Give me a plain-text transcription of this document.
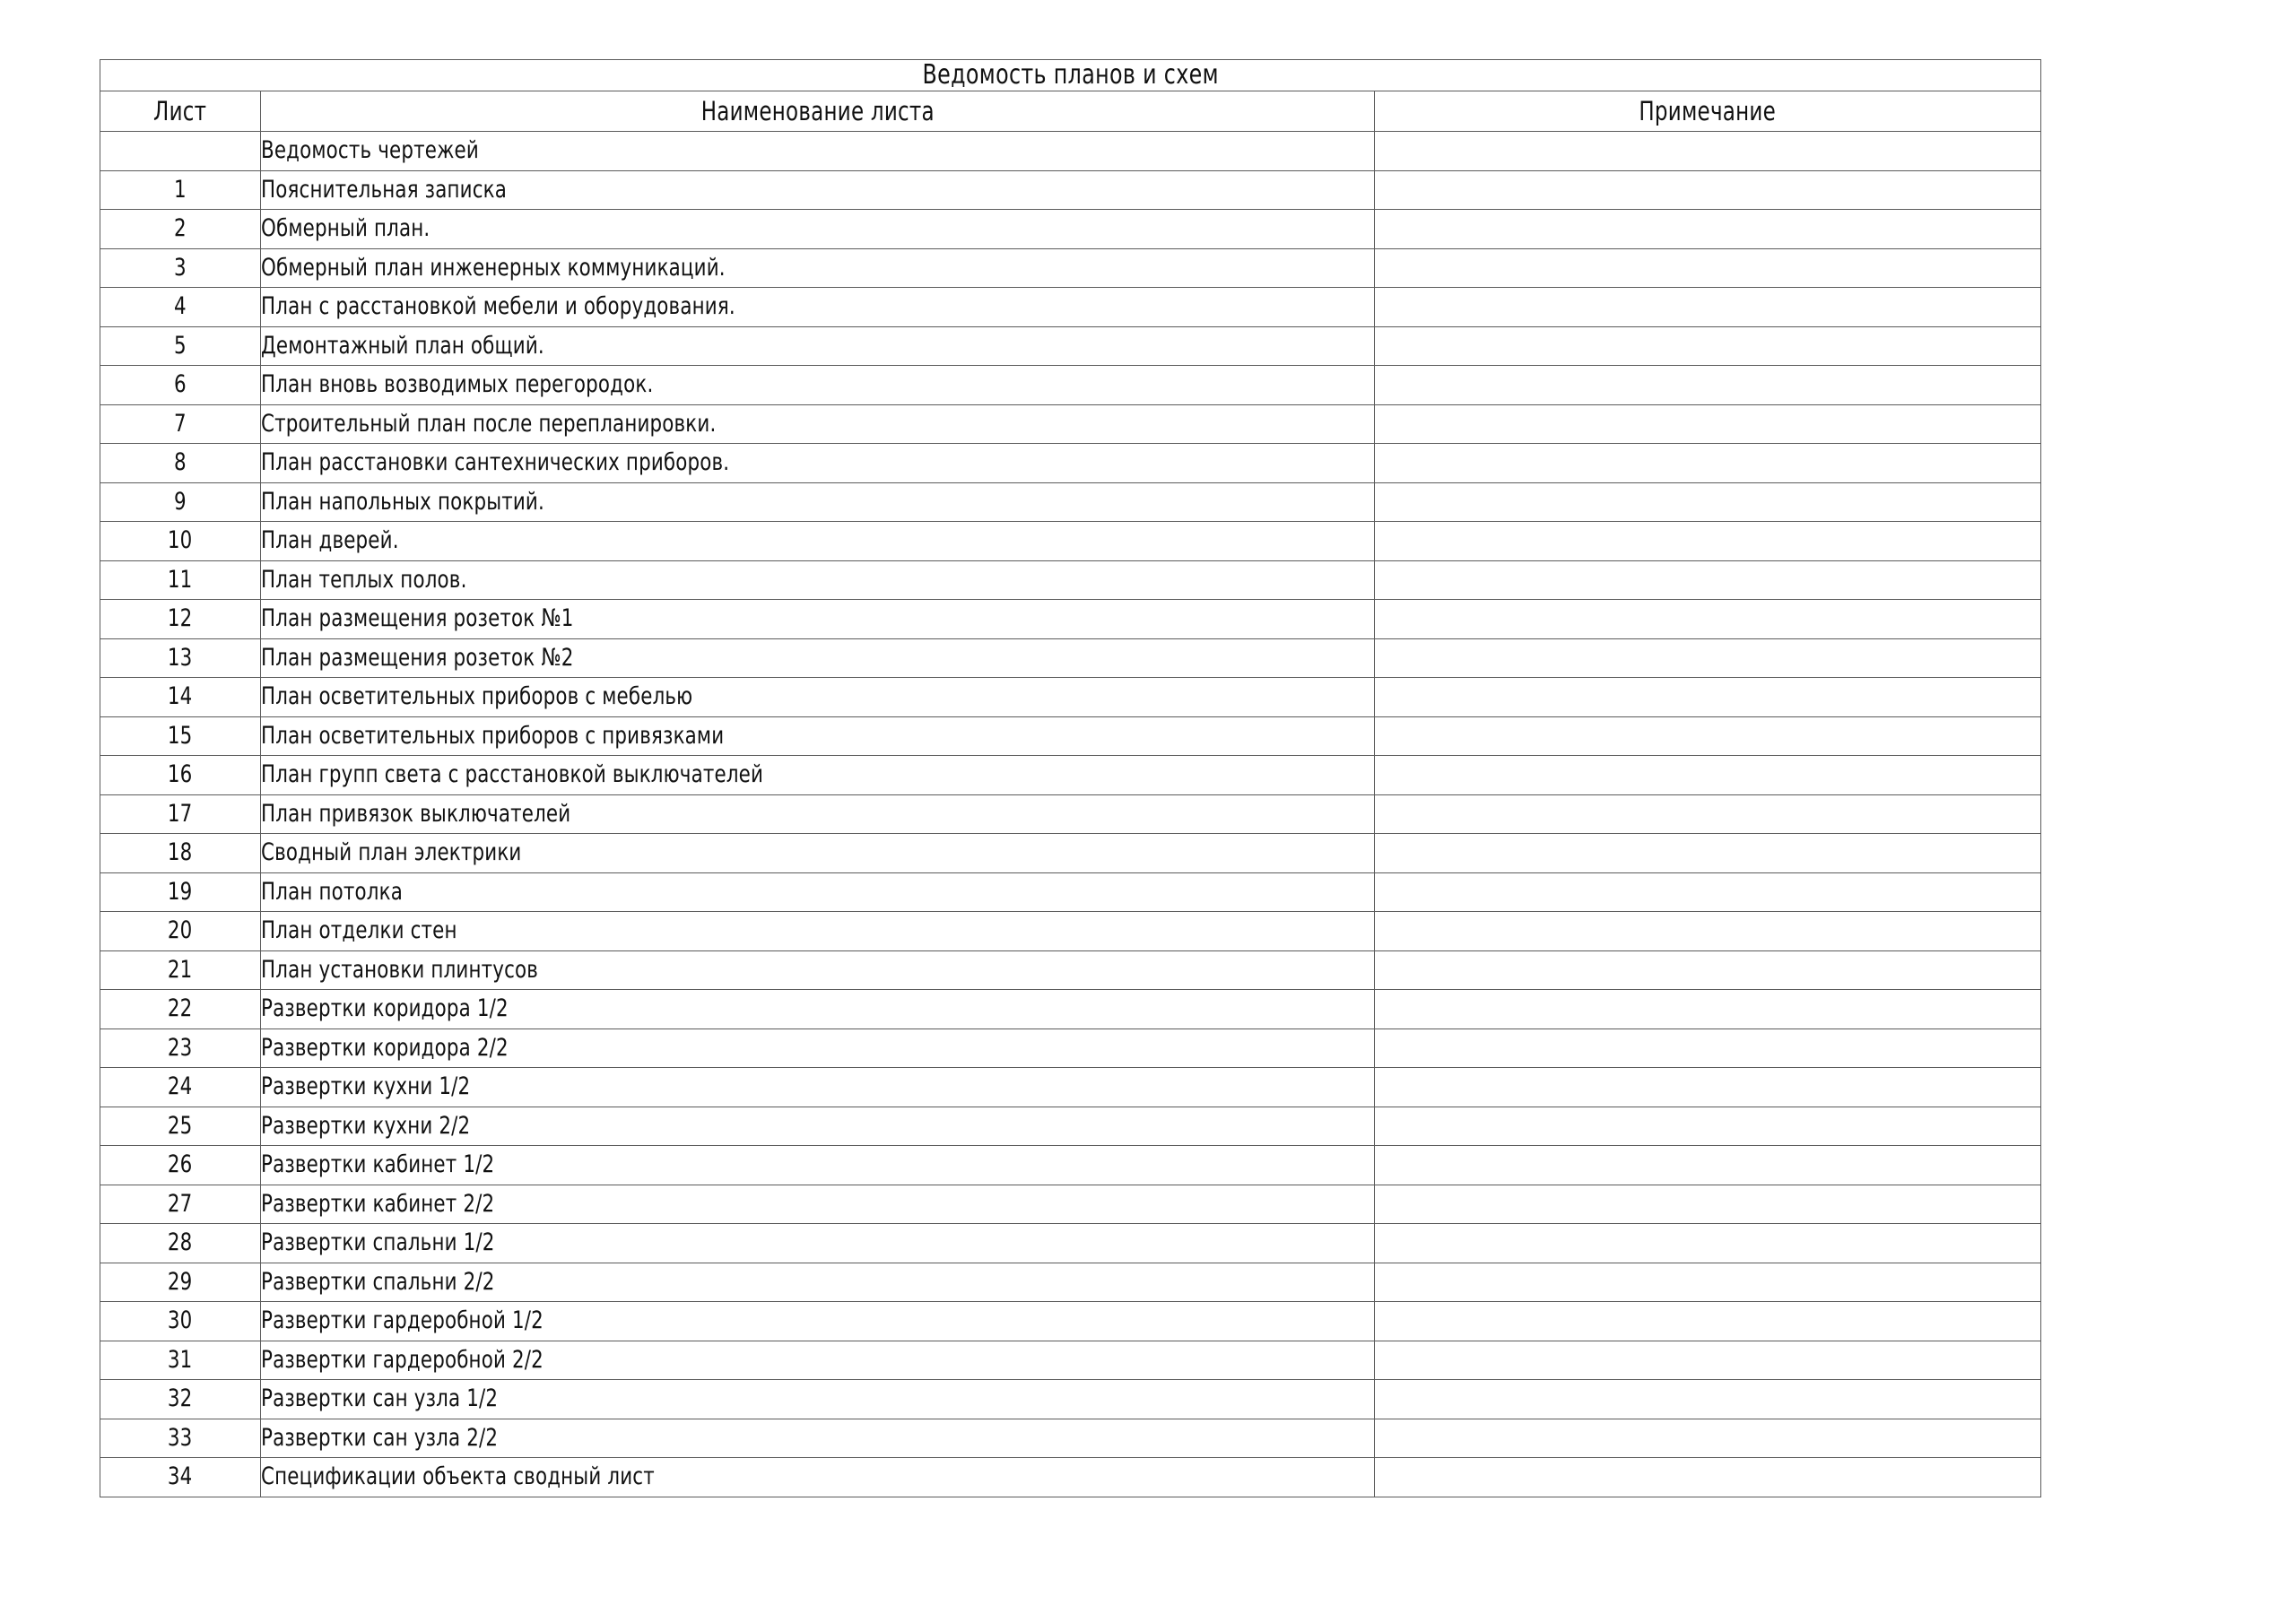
Ведомость планов и схем		
Лист	Наименование листа	Примечание
	Ведомость чертежей	
1	Пояснительная записка	
2	Обмерный план.	
3	Обмерный план инженерных коммуникаций.	
4	План с расстановкой мебели и оборудования.	
5	Демонтажный план общий.	
6	План вновь возводимых перегородок.	
7	Строительный план после перепланировки.	
8	План расстановки сантехнических приборов.	
9	План напольных покрытий.	
10	План дверей.	
11	План теплых полов.	
12	План размещения розеток №1	
13	План размещения розеток №2	
14	План осветительных приборов с мебелью	
15	План осветительных приборов с привязками	
16	План групп света с расстановкой выключателей	
17	План привязок выключателей	
18	Сводный план электрики	
19	План потолка	
20	План отделки стен	
21	План установки плинтусов	
22	Развертки коридора 1/2	
23	Развертки коридора 2/2	
24	Развертки кухни 1/2	
25	Развертки кухни 2/2	
26	Развертки кабинет 1/2	
27	Развертки кабинет 2/2	
28	Развертки спальни 1/2	
29	Развертки спальни 2/2	
30	Развертки гардеробной 1/2	
31	Развертки гардеробной 2/2	
32	Развертки сан узла 1/2	
33	Развертки сан узла 2/2	
34	Спецификации объекта сводный лист	
